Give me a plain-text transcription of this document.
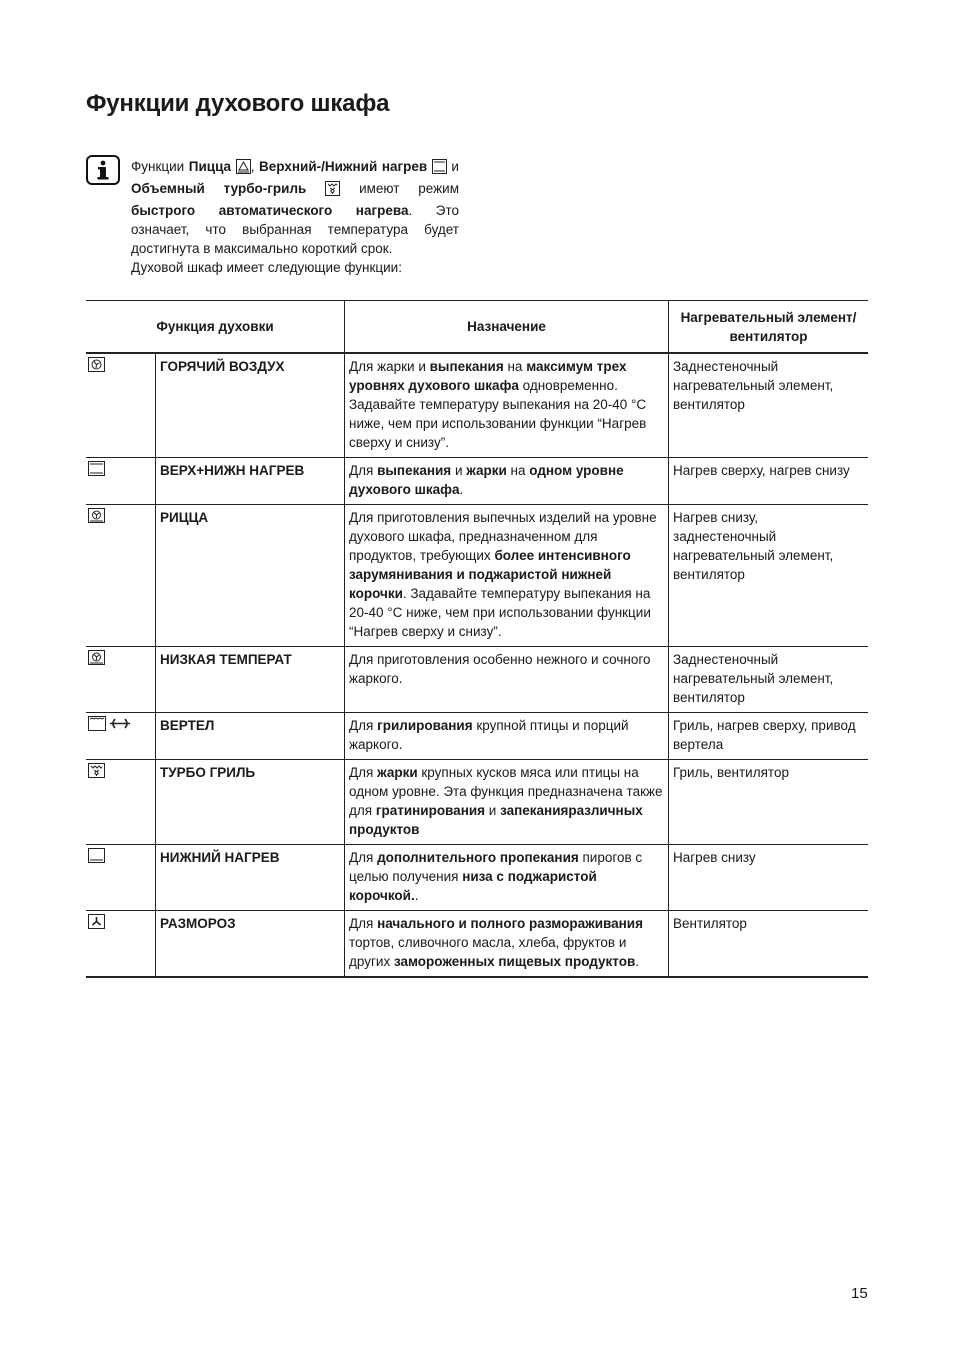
Функции духового шкафа

Функции Пицца , Верхний-/Нижний нагрев  и Объемный турбо-гриль	имеют режим быстрого автоматического нагрева. Это означает, что выбранная температура будет достигнута в максимально короткий срок.

Духовой шкаф имеет следующие функции:

Функция духовки		Назначение	Нагревательный элемент/вентилятор
	ГОРЯЧИЙ ВОЗДУХ	Для жарки и выпекания на максимум трех уровнях духового шкафа одновременно. Задавайте температуру выпекания на 20-40 °С ниже, чем при использовании функции “Нагрев сверху и снизу”.	Заднестеночный нагревательный элемент, вентилятор
	ВЕРХ+НИЖН НАГРЕВ	Для выпекания и жарки на одном уровне духового шкафа.	Нагрев сверху, нагрев снизу
	РИЦЦА	Для приготовления выпечных изделий на уровне духового шкафа, предназначенном для продуктов, требующих более интенсивного зарумянивания и поджаристой нижней корочки. Задавайте температуру выпекания на 20-40 °С ниже, чем при использовании функции “Нагрев сверху и снизу”.	Нагрев снизу, заднестеночный нагревательный элемент, вентилятор
	НИЗКАЯ ТЕМПЕРАТ	Для приготовления особенно нежного и сочного жаркого.	Заднестеночный нагревательный элемент, вентилятор
	ВЕРТЕЛ	Для грилирования крупной птицы и порций жаркого.	Гриль, нагрев сверху, привод вертела
	ТУРБО ГРИЛЬ	Для жарки крупных кусков мяса или птицы на одном уровне. Эта функция предназначена также для гратинирования и запеканияразличных продуктов	Гриль, вентилятор
	НИЖНИЙ НАГРЕВ	Для дополнительного пропекания пирогов с целью получения низа с поджаристой корочкой..	Нагрев снизу
	РАЗМОРОЗ	Для начального и полного размораживания тортов, сливочного масла, хлеба, фруктов и других замороженных пищевых продуктов.	Вентилятор
15
